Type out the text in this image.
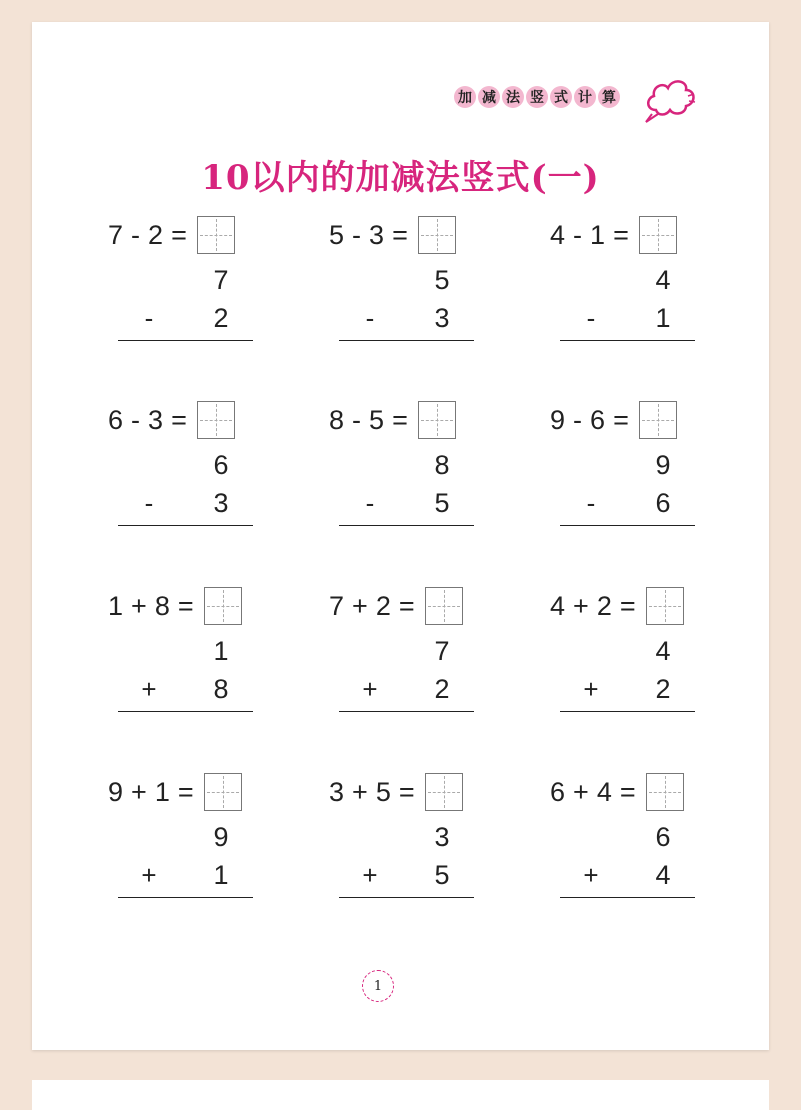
加 减 法 竖 式 计 算
10以内的加减法竖式(一)
7 - 2 =
7
-	2
5 - 3 =
5
-	3
4 - 1 =
4
-	1
6 - 3 =
6
-	3
8 - 5 =
8
-	5
9 - 6 =
9
-	6
1 + 8 =
1
+ 8
7 + 2 =
7
+ 2
4 + 2 =
4
+ 2
9 + 1 =
9
+ 1
3 + 5 =
3
+ 5
6 + 4 =
6
+ 4
1
